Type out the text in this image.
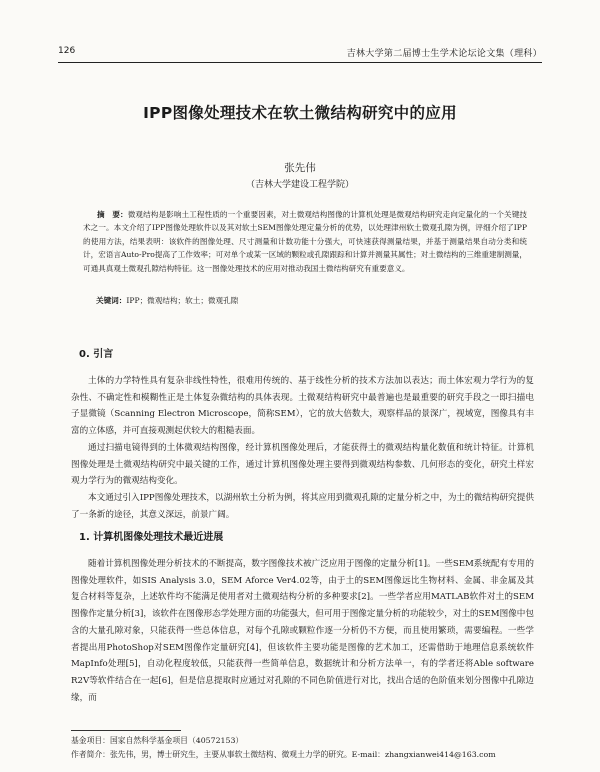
126	吉林大学第二届博士生学术论坛论文集（理科）
IPP图像处理技术在软土微结构研究中的应用
张先伟
（吉林大学建设工程学院）
摘　要：微观结构是影响土工程性质的一个重要因素，对土微观结构图像的计算机处理是微观结构研究走向定量化的一个关键技术之一。本文介绍了IPP图像处理软件以及其对软土SEM图像处理定量分析的优势，以处理津州软土微观孔隙为例，评细介绍了IPP的使用方法，结果表明：该软件的图像处理、尺寸测量和计数功能十分强大，可快速获得测量结果，并基于测量结果自动分类和统计，宏语言Auto-Pro提高了工作效率；可对单个或某一区域的颗粒或孔隙跟踪和计算并测量其属性；对土微结构的三维重建制测量，可通具真观土微观孔隙结构特征。这一图像处理技术的应用对推动我国土微结构研究有重要意义。
关键词：IPP；微观结构；软土；微观孔隙
0. 引言

土体的力学特性具有复杂非线性特性，很难用传统的、基于线性分析的技术方法加以表达；而土体宏观力学行为的复杂性、不确定性和模糊性正是土体复杂微结构的具体表现。土微观结构研究中最普遍也是最重要的研究手段之一即扫描电子显微镜（Scanning Electron Microscope，简称SEM），它的放大倍数大，观察样品的景深广，视域宽，图像具有丰富的立体感，并可直接观测起伏较大的粗糙表面。

通过扫描电镜得到的土体微观结构图像，经计算机图像处理后，才能获得土的微观结构量化数值和统计特征。计算机图像处理是土微观结构研究中最关键的工作，通过计算机图像处理主要得到微观结构参数、几何形态的变化，研究土样宏观力学行为的微观结构变化。

本文通过引入IPP图像处理技术，以湖州软土分析为例，将其应用到微观孔隙的定量分析之中，为土的微结构研究提供了一条新的途径，其意义深远，前景广阔。

1. 计算机图像处理技术最近进展

随着计算机图像处理分析技术的不断提高，数字图像技术被广泛应用于图像的定量分析[1]。一些SEM系统配有专用的图像处理软件，如SIS Analysis 3.0，SEM Aforce Ver4.02等，由于土的SEM图像远比生物材料、金属、非金属及其复合材料等复杂，上述软件均不能满足使用者对土微观结构分析的多种要求[2]。一些学者应用MATLAB软件对土的SEM图像作定量分析[3]，该软件在图像形态学处理方面的功能强大，但可用于图像定量分析的功能较少，对土的SEM图像中包含的大量孔隙对象，只能获得一些总体信息，对每个孔隙或颗粒作逐一分析仍不方便，而且使用繁琐，需要编程。一些学者提出用PhotoShop对SEM图像作定量研究[4]，但该软件主要功能是图像的艺术加工，还需借助于地理信息系统软件MapInfo处理[5]，自动化程度较低，只能获得一些简单信息，数据统计和分析方法单一，有的学者还将Able software R2V等软件结合在一起[6]，但是信息提取时应通过对孔隙的不同色阶值进行对比，找出合适的色阶值来划分图像中孔隙边缘，而

基金项目：国家自然科学基金项目（40572153）
作者简介：张先伟，男，博士研究生，主要从事软土微结构、微观土力学的研究。E-mail：zhangxianwei414@163.com
